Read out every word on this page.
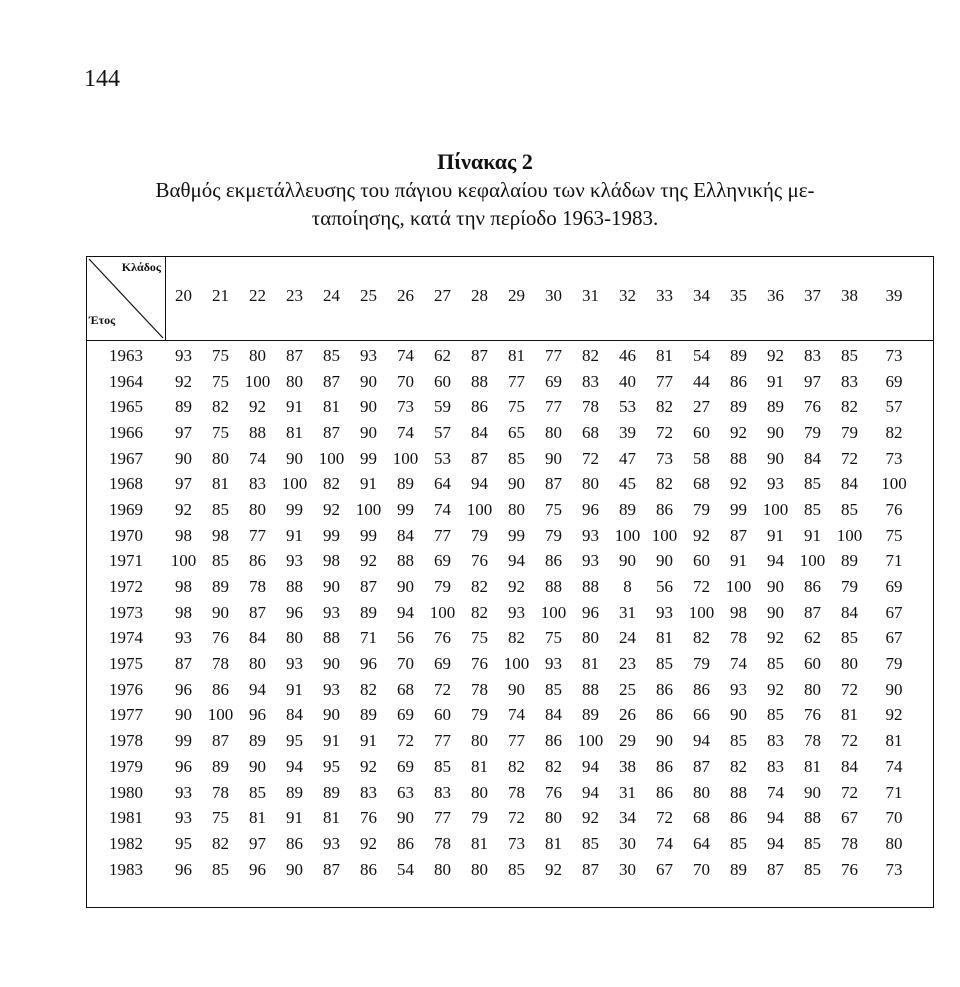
144
Πίνακας 2
Βαθμός εκμετάλλευσης του πάγιου κεφαλαίου των κλάδων της Ελληνικής με-
ταποίησης, κατά την περίοδο 1963-1983.
Κλάδος
Έτος
	20	21	22	23	24	25	26	27	28	29	30	31	32	33	34	35	36	37	38	39
1963	93	75	80	87	85	93	74	62	87	81	77	82	46	81	54	89	92	83	85	73
1964	92	75	100	80	87	90	70	60	88	77	69	83	40	77	44	86	91	97	83	69
1965	89	82	92	91	81	90	73	59	86	75	77	78	53	82	27	89	89	76	82	57
1966	97	75	88	81	87	90	74	57	84	65	80	68	39	72	60	92	90	79	79	82
1967	90	80	74	90	100	99	100	53	87	85	90	72	47	73	58	88	90	84	72	73
1968	97	81	83	100	82	91	89	64	94	90	87	80	45	82	68	92	93	85	84	100
1969	92	85	80	99	92	100	99	74	100	80	75	96	89	86	79	99	100	85	85	76
1970	98	98	77	91	99	99	84	77	79	99	79	93	100	100	92	87	91	91	100	75
1971	100	85	86	93	98	92	88	69	76	94	86	93	90	90	60	91	94	100	89	71
1972	98	89	78	88	90	87	90	79	82	92	88	88	8	56	72	100	90	86	79	69
1973	98	90	87	96	93	89	94	100	82	93	100	96	31	93	100	98	90	87	84	67
1974	93	76	84	80	88	71	56	76	75	82	75	80	24	81	82	78	92	62	85	67
1975	87	78	80	93	90	96	70	69	76	100	93	81	23	85	79	74	85	60	80	79
1976	96	86	94	91	93	82	68	72	78	90	85	88	25	86	86	93	92	80	72	90
1977	90	100	96	84	90	89	69	60	79	74	84	89	26	86	66	90	85	76	81	92
1978	99	87	89	95	91	91	72	77	80	77	86	100	29	90	94	85	83	78	72	81
1979	96	89	90	94	95	92	69	85	81	82	82	94	38	86	87	82	83	81	84	74
1980	93	78	85	89	89	83	63	83	80	78	76	94	31	86	80	88	74	90	72	71
1981	93	75	81	91	81	76	90	77	79	72	80	92	34	72	68	86	94	88	67	70
1982	95	82	97	86	93	92	86	78	81	73	81	85	30	74	64	85	94	85	78	80
1983	96	85	96	90	87	86	54	80	80	85	92	87	30	67	70	89	87	85	76	73
